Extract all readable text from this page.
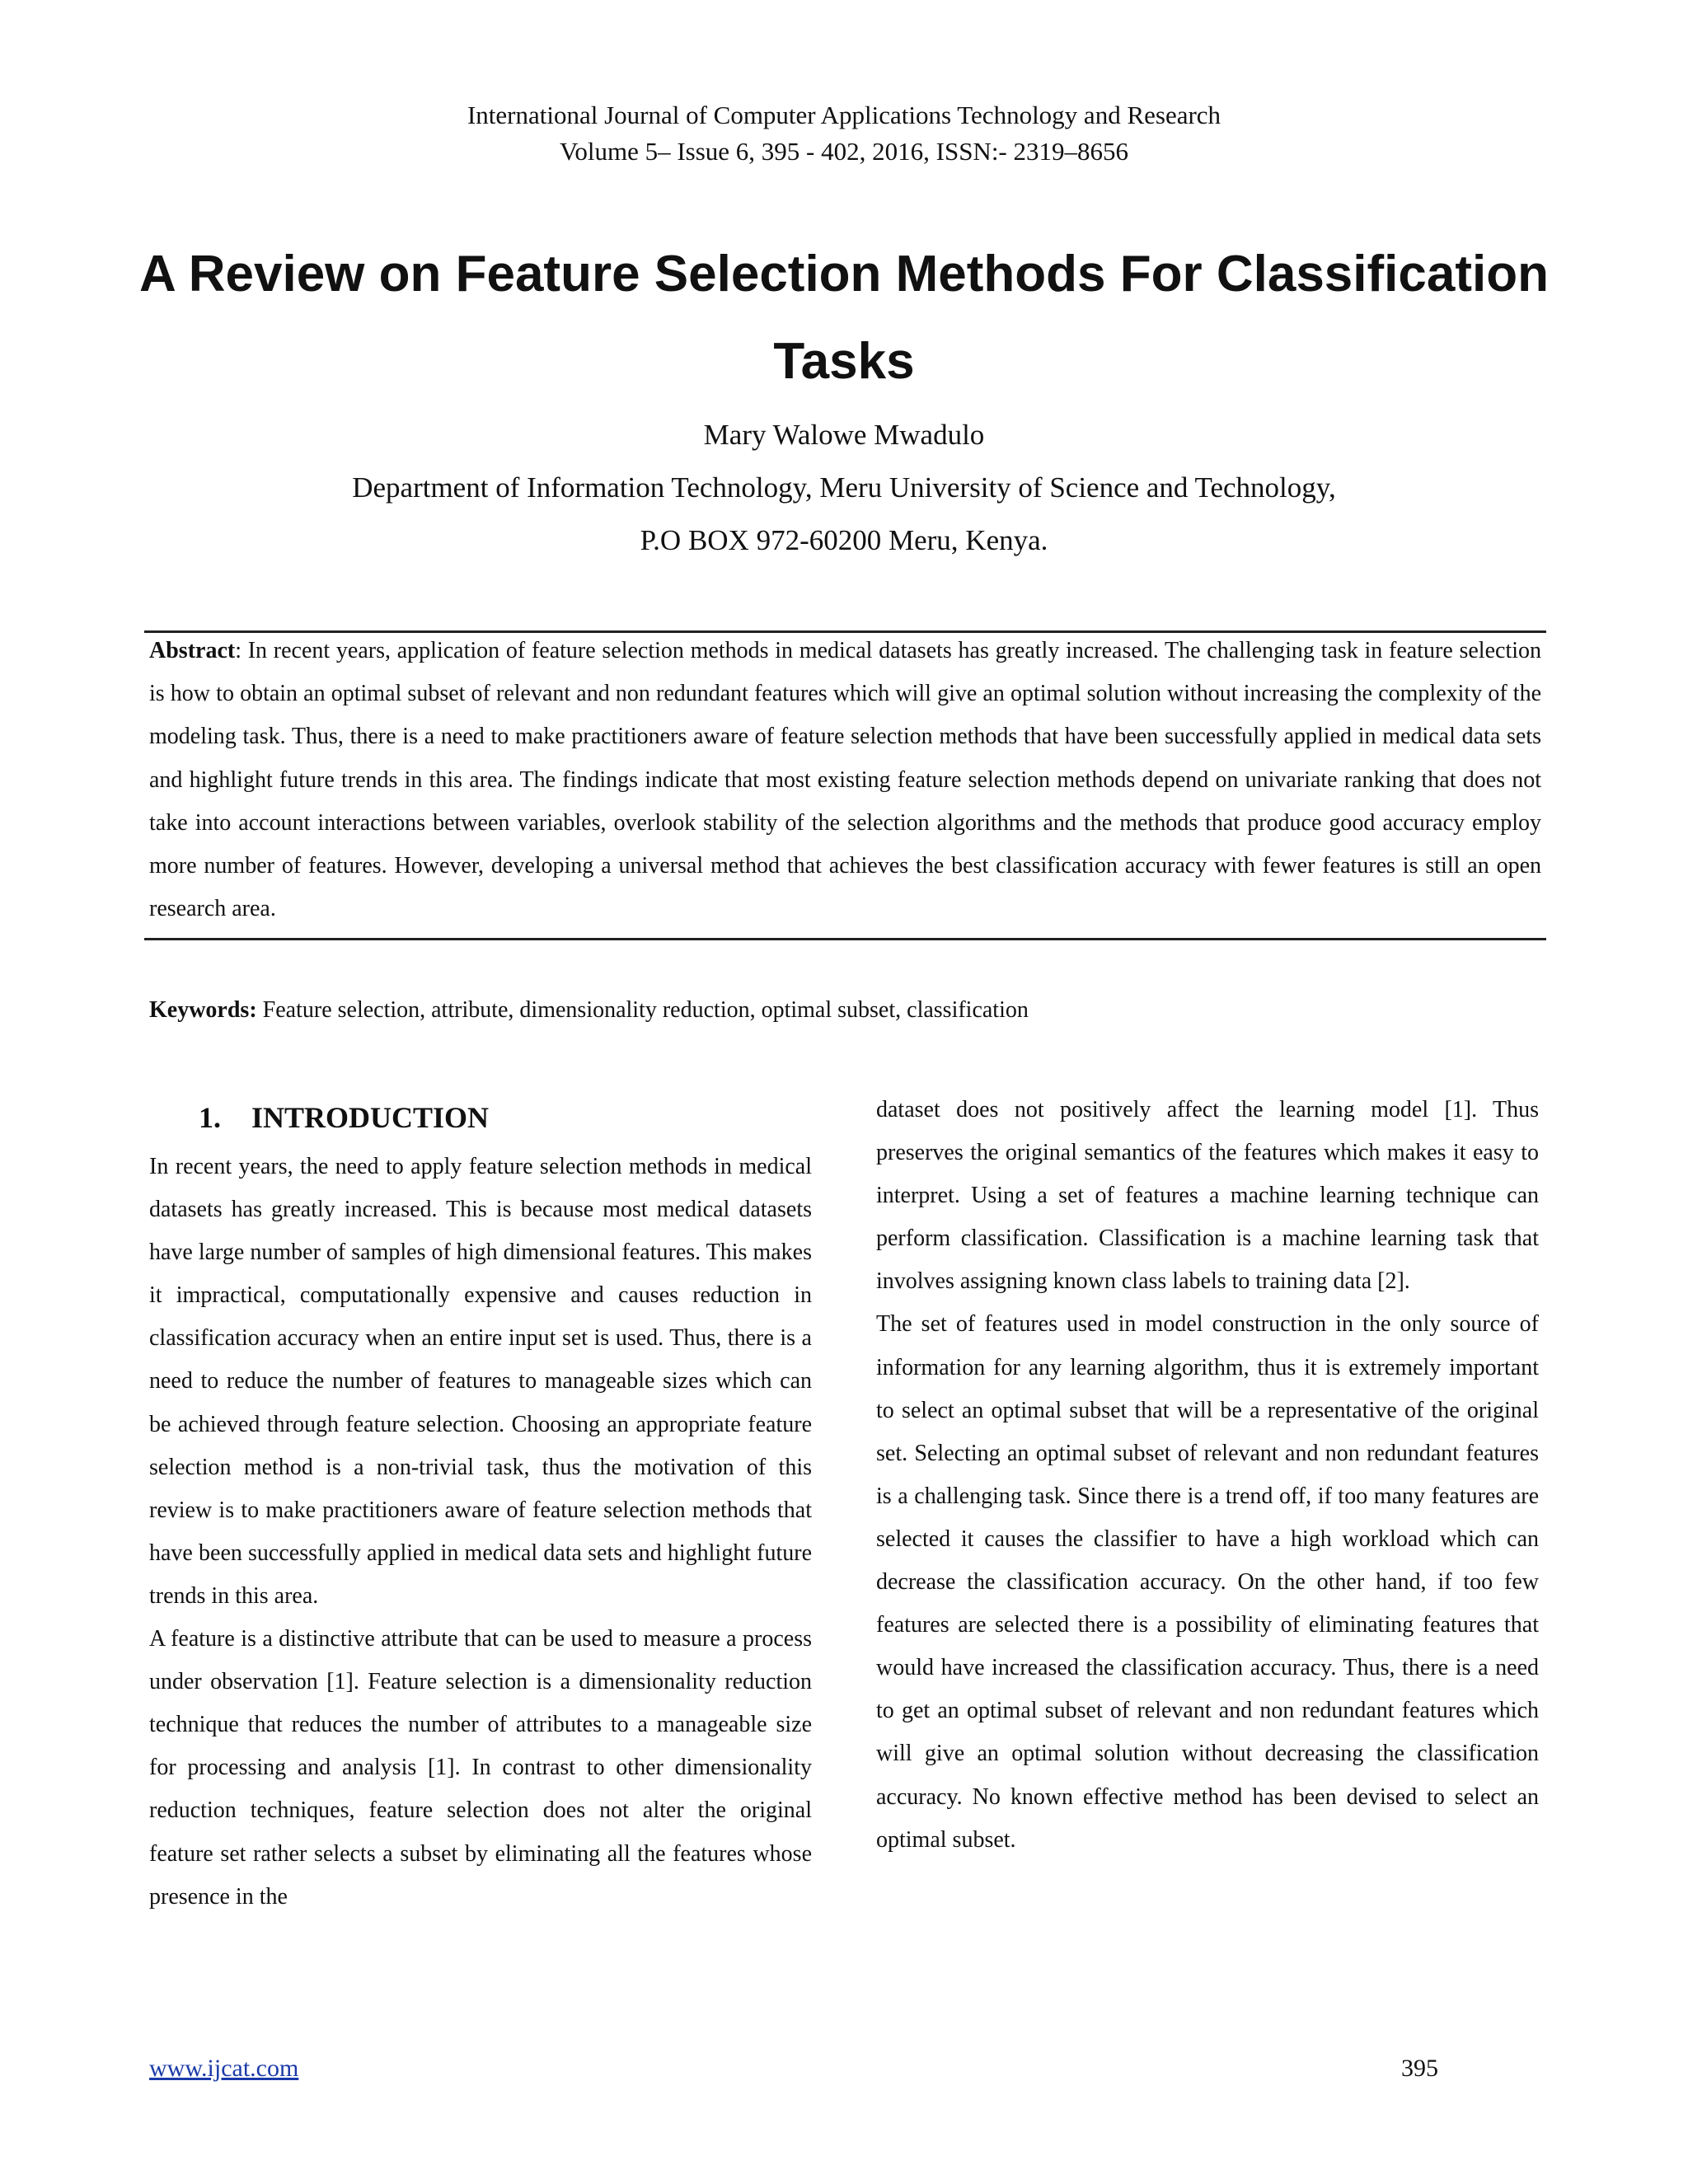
International Journal of Computer Applications Technology and Research
Volume 5– Issue 6, 395 - 402, 2016, ISSN:- 2319–8656
A Review on Feature Selection Methods For Classification Tasks
Mary Walowe Mwadulo
Department of Information Technology, Meru University of Science and Technology,
P.O BOX 972-60200 Meru, Kenya.

Abstract: In recent years, application of feature selection methods in medical datasets has greatly increased. The challenging task in feature selection is how to obtain an optimal subset of relevant and non redundant features which will give an optimal solution without increasing the complexity of the modeling task. Thus, there is a need to make practitioners aware of feature selection methods that have been successfully applied in medical data sets and highlight future trends in this area. The findings indicate that most existing feature selection methods depend on univariate ranking that does not take into account interactions between variables, overlook stability of the selection algorithms and the methods that produce good accuracy employ more number of features. However, developing a universal method that achieves the best classification accuracy with fewer features is still an open research area.

Keywords: Feature selection, attribute, dimensionality reduction, optimal subset, classification

1. INTRODUCTION

In recent years, the need to apply feature selection methods in medical datasets has greatly increased. This is because most medical datasets have large number of samples of high dimensional features. This makes it impractical, computationally expensive and causes reduction in classification accuracy when an entire input set is used. Thus, there is a need to reduce the number of features to manageable sizes which can be achieved through feature selection. Choosing an appropriate feature selection method is a non-trivial task, thus the motivation of this review is to make practitioners aware of feature selection methods that have been successfully applied in medical data sets and highlight future trends in this area.

A feature is a distinctive attribute that can be used to measure a process under observation [1]. Feature selection is a dimensionality reduction technique that reduces the number of attributes to a manageable size for processing and analysis [1]. In contrast to other dimensionality reduction techniques, feature selection does not alter the original feature set rather selects a subset by eliminating all the features whose presence in the

dataset does not positively affect the learning model [1]. Thus preserves the original semantics of the features which makes it easy to interpret. Using a set of features a machine learning technique can perform classification. Classification is a machine learning task that involves assigning known class labels to training data [2].

The set of features used in model construction in the only source of information for any learning algorithm, thus it is extremely important to select an optimal subset that will be a representative of the original set. Selecting an optimal subset of relevant and non redundant features is a challenging task. Since there is a trend off, if too many features are selected it causes the classifier to have a high workload which can decrease the classification accuracy. On the other hand, if too few features are selected there is a possibility of eliminating features that would have increased the classification accuracy. Thus, there is a need to get an optimal subset of relevant and non redundant features which will give an optimal solution without decreasing the classification accuracy. No known effective method has been devised to select an optimal subset.

www.ijcat.com	395
